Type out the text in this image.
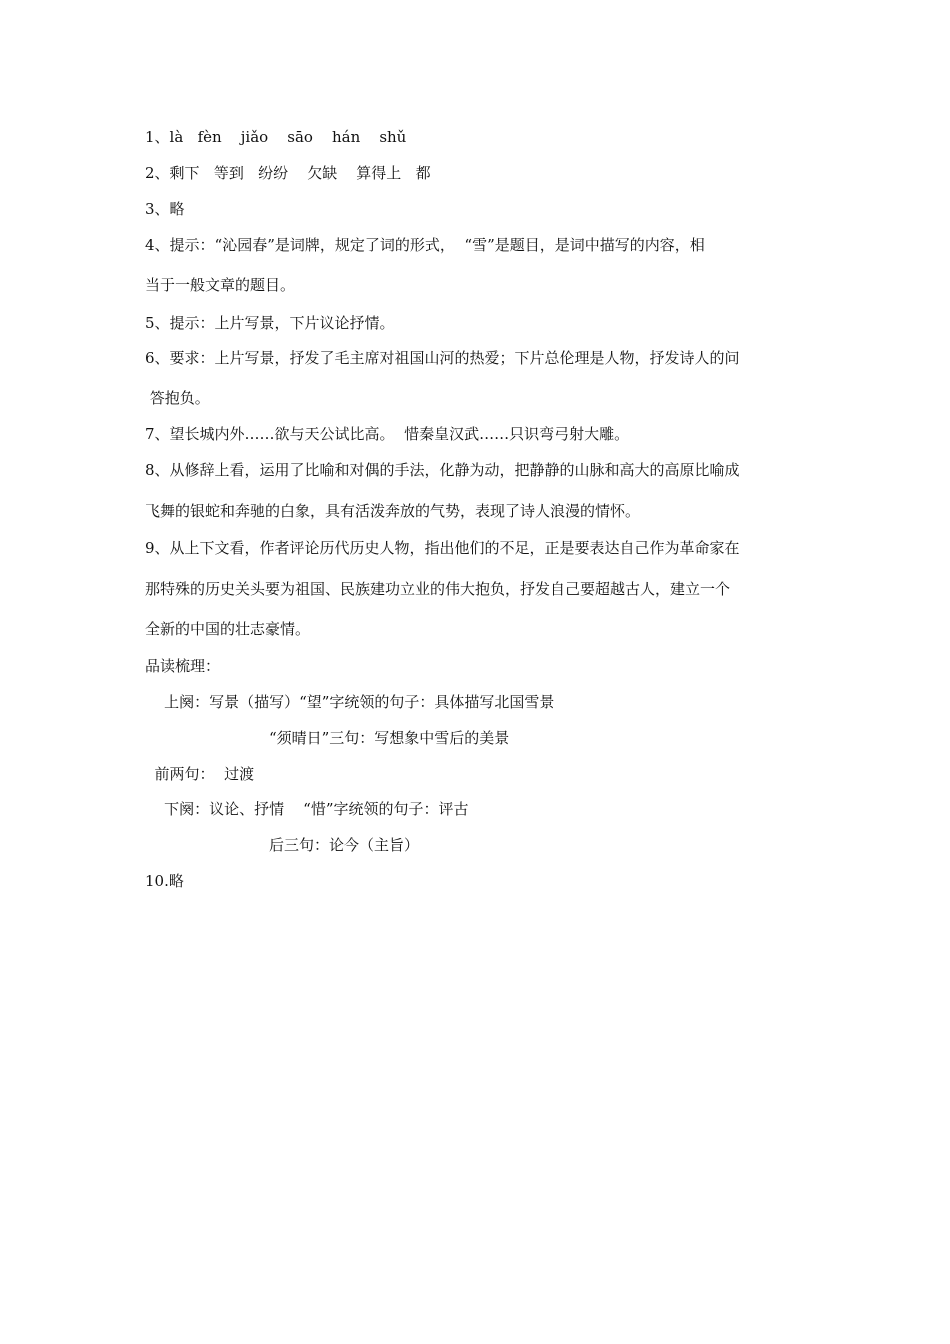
1、là   fèn    jiǎo    sāo    hán    shǔ
2、剩下   等到   纷纷    欠缺    算得上   都
3、略
4、提示：“沁园春”是词牌，规定了词的形式，  “雪”是题目，是词中描写的内容，相
当于一般文章的题目。
5、提示：上片写景，下片议论抒情。
6、要求：上片写景，抒发了毛主席对祖国山河的热爱；下片总伦理是人物，抒发诗人的问
答抱负。
7、望长城内外……欲与天公试比高。  惜秦皇汉武……只识弯弓射大雕。
8、从修辞上看，运用了比喻和对偶的手法，化静为动，把静静的山脉和高大的高原比喻成
飞舞的银蛇和奔驰的白象，具有活泼奔放的气势，表现了诗人浪漫的情怀。
9、从上下文看，作者评论历代历史人物，指出他们的不足，正是要表达自己作为革命家在
那特殊的历史关头要为祖国、民族建功立业的伟大抱负，抒发自己要超越古人，建立一个
全新的中国的壮志豪情。
品读梳理：
上阕：写景（描写）“望”字统领的句子：具体描写北国雪景
“须晴日”三句：写想象中雪后的美景
前两句：  过渡
下阕：议论、抒情    “惜”字统领的句子：评古
后三句：论今（主旨）
10.略
